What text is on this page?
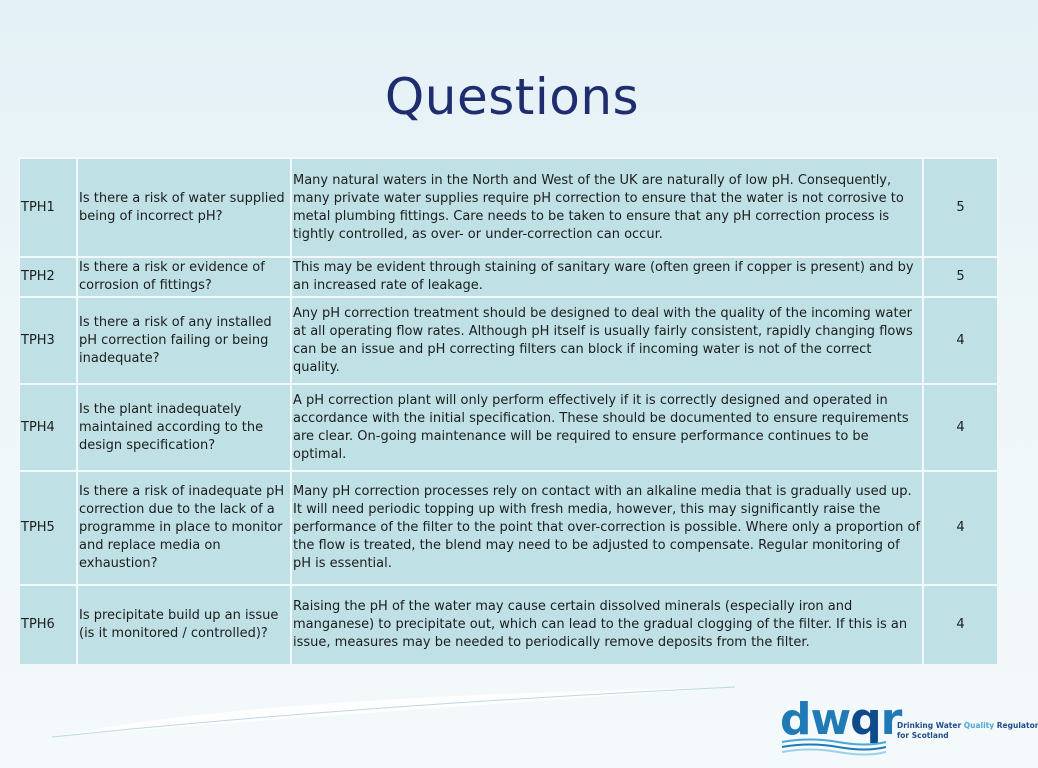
Questions
TPH1	Is there a risk of water supplied being of incorrect pH?	Many natural waters in the North and West of the UK are naturally of low pH. Consequently, many private water supplies require pH correction to ensure that the water is not corrosive to metal plumbing fittings. Care needs to be taken to ensure that any pH correction process is tightly controlled, as over- or under-correction can occur.	5
TPH2	Is there a risk or evidence of corrosion of fittings?	This may be evident through staining of sanitary ware (often green if copper is present) and by an increased rate of leakage.	5
TPH3	Is there a risk of any installed pH correction failing or being inadequate?	Any pH correction treatment should be designed to deal with the quality of the incoming water at all operating flow rates. Although pH itself is usually fairly consistent, rapidly changing flows can be an issue and pH correcting filters can block if incoming water is not of the correct quality.	4
TPH4	Is the plant inadequately maintained according to the design specification?	A pH correction plant will only perform effectively if it is correctly designed and operated in accordance with the initial specification. These should be documented to ensure requirements are clear. On-going maintenance will be required to ensure performance continues to be optimal.	4
TPH5	Is there a risk of inadequate pH correction due to the lack of a programme in place to monitor and replace media on exhaustion?	Many pH correction processes rely on contact with an alkaline media that is gradually used up. It will need periodic topping up with fresh media, however, this may significantly raise the performance of the filter to the point that over-correction is possible. Where only a proportion of the flow is treated, the blend may need to be adjusted to compensate. Regular monitoring of pH is essential.	4
TPH6	Is precipitate build up an issue (is it monitored / controlled)?	Raising the pH of the water may cause certain dissolved minerals (especially iron and manganese) to precipitate out, which can lead to the gradual clogging of the filter. If this is an issue, measures may be needed to periodically remove deposits from the filter.	4
dwqr
Drinking Water Quality Regulator
for Scotland
